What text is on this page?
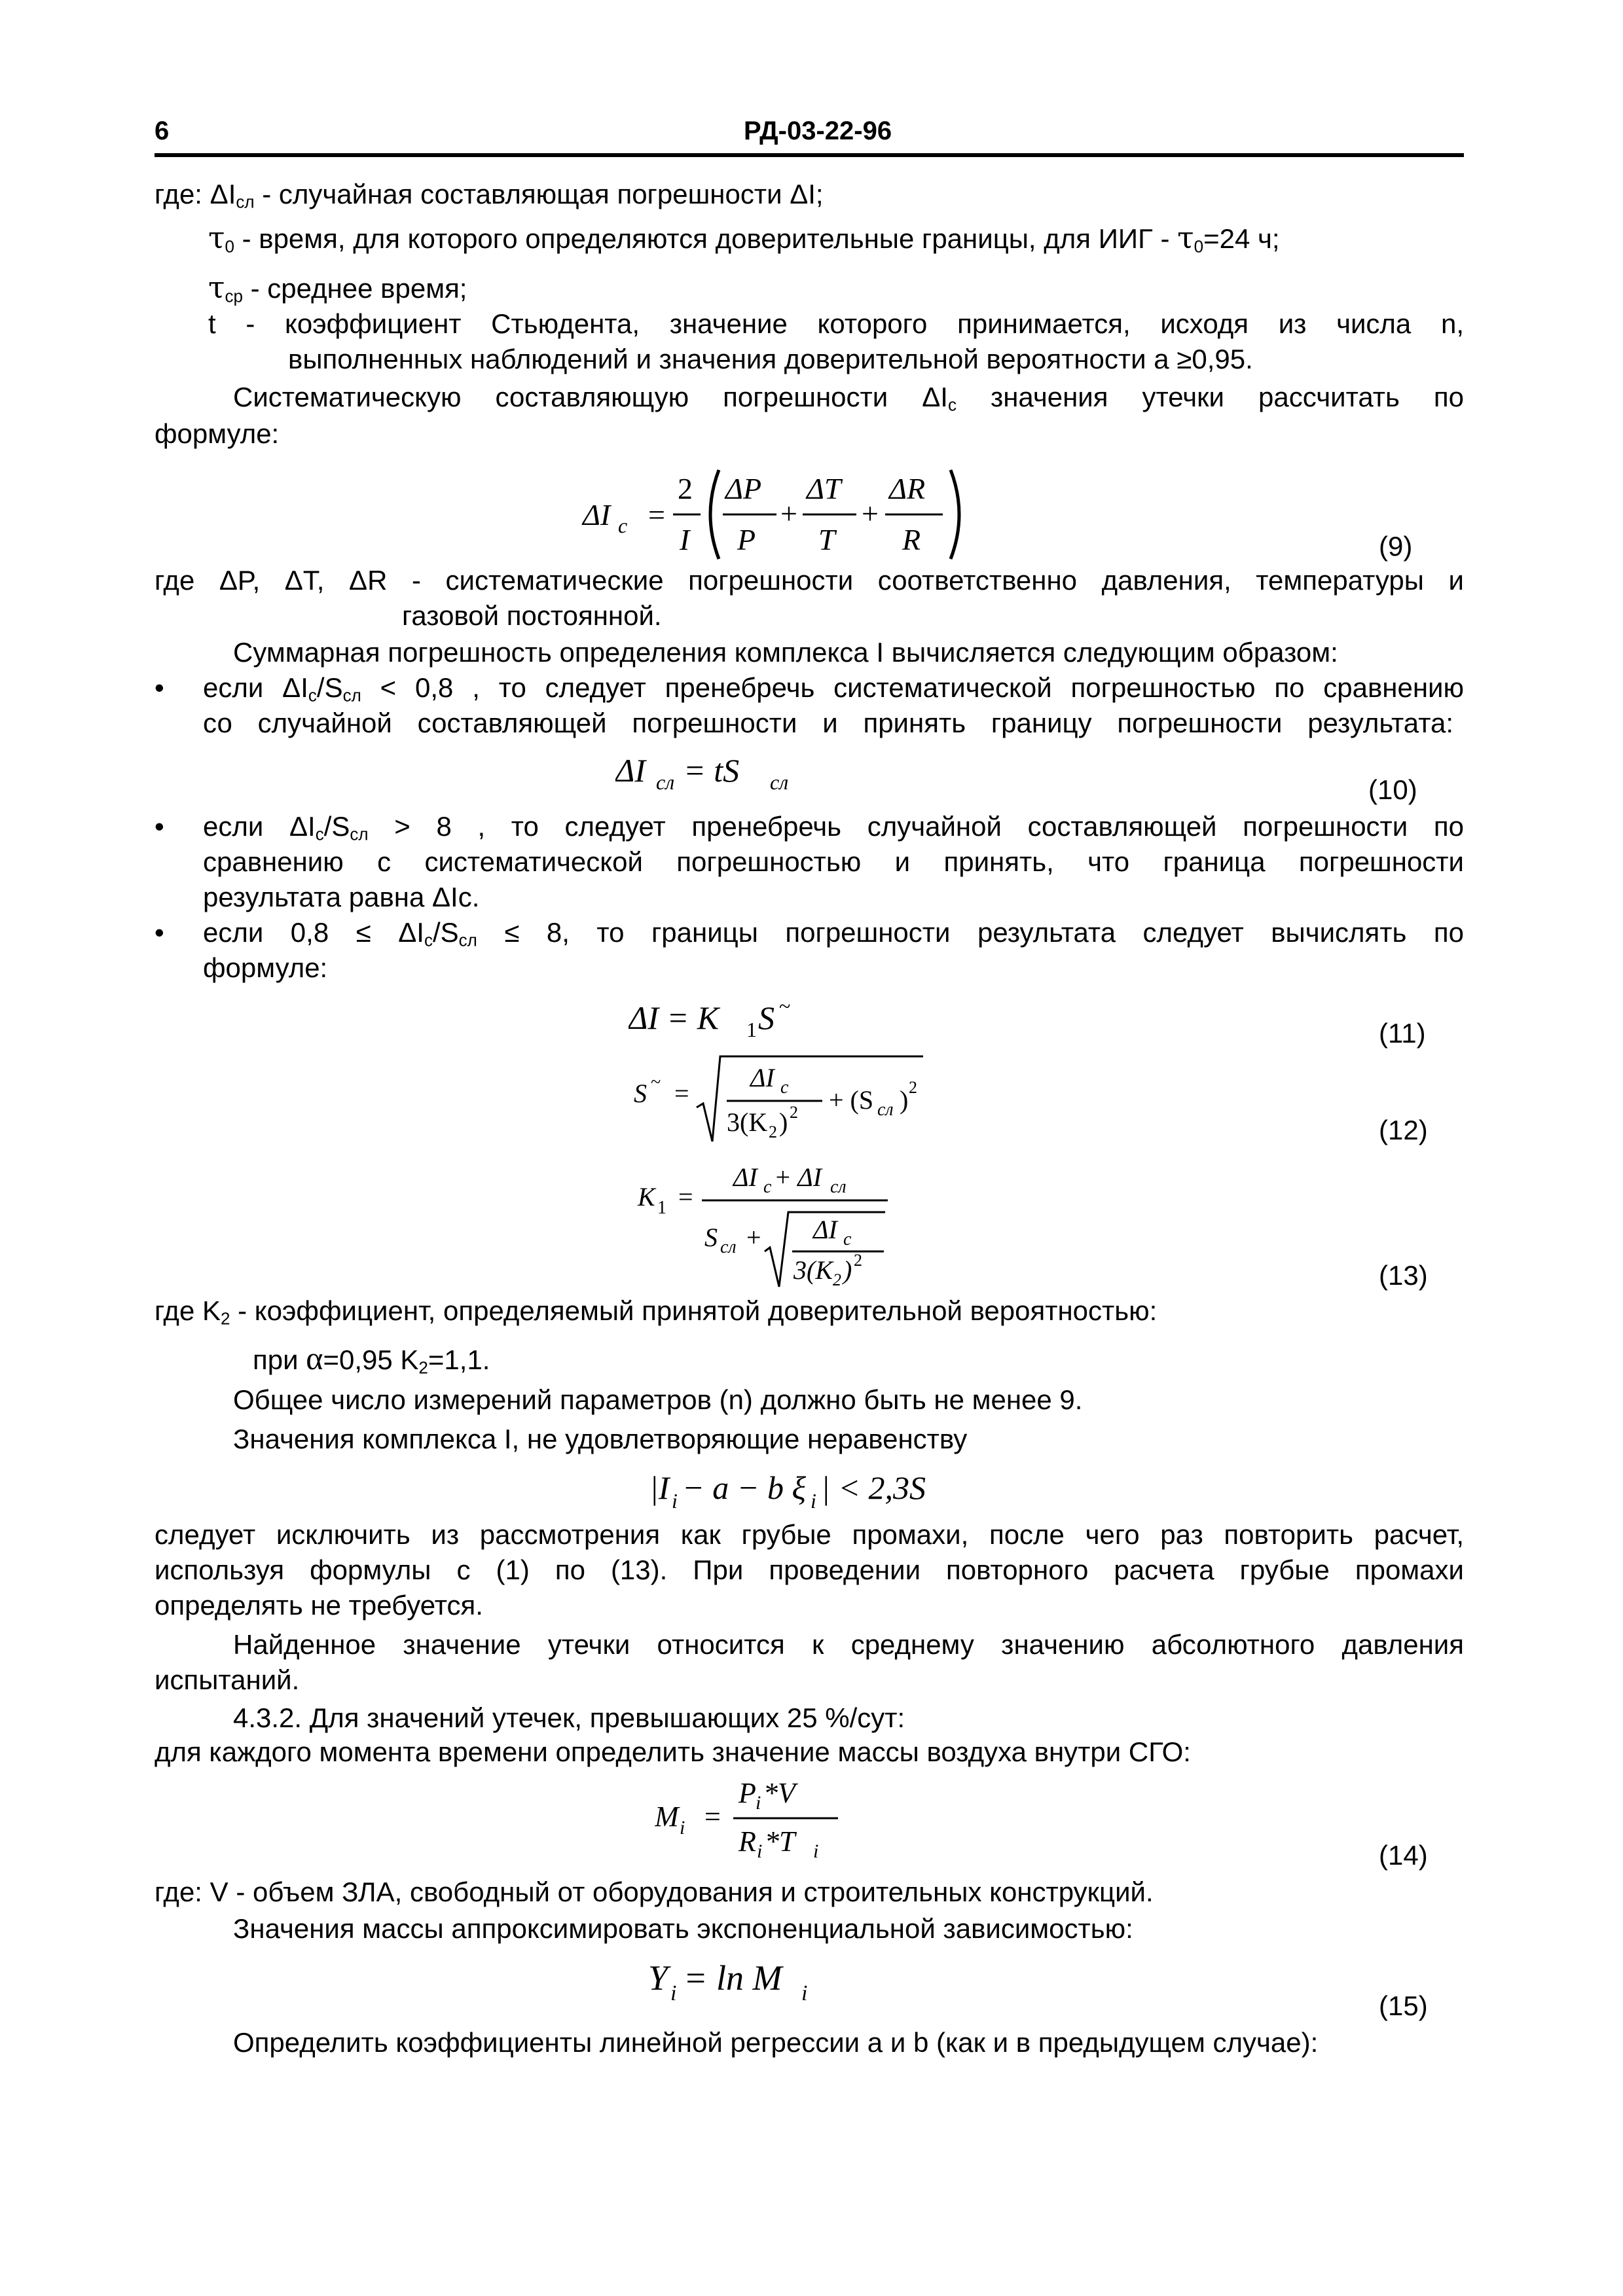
6	РД-03-22-96
где: $\Delta I_{сл}$ - случайная составляющая погрешности ΔI;
$\tau_0$ - время, для которого определяются доверительные границы, для ИИГ - $\tau_0=24$ ч;
$\tau_{ср}$ - среднее время;
t - коэффициент Стьюдента, значение которого принимается, исходя из числа n,
выполненных наблюдений и значения доверительной вероятности a ≥0,95.
Систематическую составляющую погрешности $\Delta I_с$ значения утечки рассчитать по
формуле:
ΔI c =
2
I
ΔP
P
+
ΔT
T
+
ΔR
R	(9)
где ΔP, ΔT, ΔR - систематические погрешности соответственно давления, температуры и
газовой постоянной.
Суммарная погрешность определения комплекса I вычисляется следующим образом:
• если $\Delta I_с/S_{сл} < 0,8$ , то следует пренебречь систематической погрешностью по сравнению
со случайной составляющей погрешности и принять границу погрешности результата:
ΔI сл = tS сл	(10)
• если $\Delta I_с/S_{сл} > 8$ , то следует пренебречь случайной составляющей погрешности по
сравнению с систематической погрешностью и принять, что граница погрешности
результата равна ΔIc.
• если $0,8 \le \Delta I_с/S_{сл} \le 8$, то границы погрешности результата следует вычислять по
формуле:
ΔI = K 1 S ~
(11)
S ~ =
ΔI c
3(K 2 ) 2 + (S сл ) 2
(12)
K 1 =
ΔI c + ΔI сл
S сл + ΔI c
3(K 2 ) 2	(13)
где $K_2$ - коэффициент, определяемый принятой доверительной вероятностью:
при α=0,95 $K_2=1,1$.
Общее число измерений параметров (n) должно быть не менее 9.
Значения комплекса I, не удовлетворяющие неравенству
|I i − a − b ξ i | < 2,3S
следует исключить из рассмотрения как грубые промахи, после чего раз повторить расчет,
используя формулы с (1) по (13). При проведении повторного расчета грубые промахи
определять не требуется.
Найденное значение утечки относится к среднему значению абсолютного давления
испытаний.
4.3.2. Для значений утечек, превышающих 25 %/сут:
для каждого момента времени определить значение массы воздуха внутри СГО:
M i =
P i *V
R i *T i	(14)
где: V - объем ЗЛА, свободный от оборудования и строительных конструкций.
Значения массы аппроксимировать экспоненциальной зависимостью:
Y i = ln M i	(15)
Определить коэффициенты линейной регрессии a и b (как и в предыдущем случае):
